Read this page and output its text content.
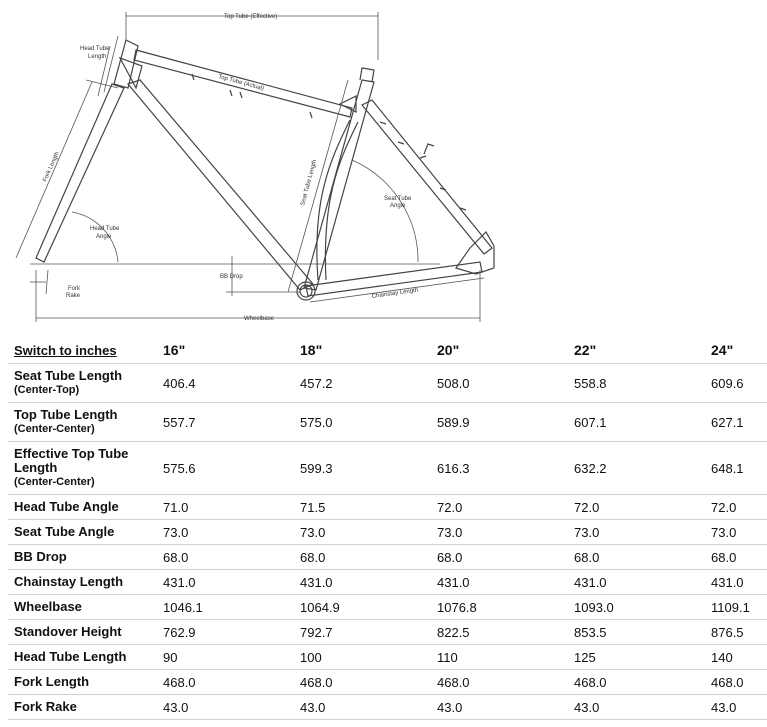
Top Tube (Effective)
Top Tube (Actual)
Head Tube
Length
Fork Length
Head Tube
Angle
Seat Tube Length	Seat Tube
Angle
BB Drop
Fork
Rake	Chainstay Length
Wheelbase
Switch to inches	16"	18"	20"	22"	24"
Seat Tube Length
(Center-Top)	406.4	457.2	508.0	558.8	609.6
Top Tube Length
(Center-Center)	557.7	575.0	589.9	607.1	627.1
Effective Top Tube Length
(Center-Center)	575.6	599.3	616.3	632.2	648.1
Head Tube Angle	71.0	71.5	72.0	72.0	72.0
Seat Tube Angle	73.0	73.0	73.0	73.0	73.0
BB Drop	68.0	68.0	68.0	68.0	68.0
Chainstay Length	431.0	431.0	431.0	431.0	431.0
Wheelbase	1046.1	1064.9	1076.8	1093.0	1109.1
Standover Height	762.9	792.7	822.5	853.5	876.5
Head Tube Length	90	100	110	125	140
Fork Length	468.0	468.0	468.0	468.0	468.0
Fork Rake	43.0	43.0	43.0	43.0	43.0
